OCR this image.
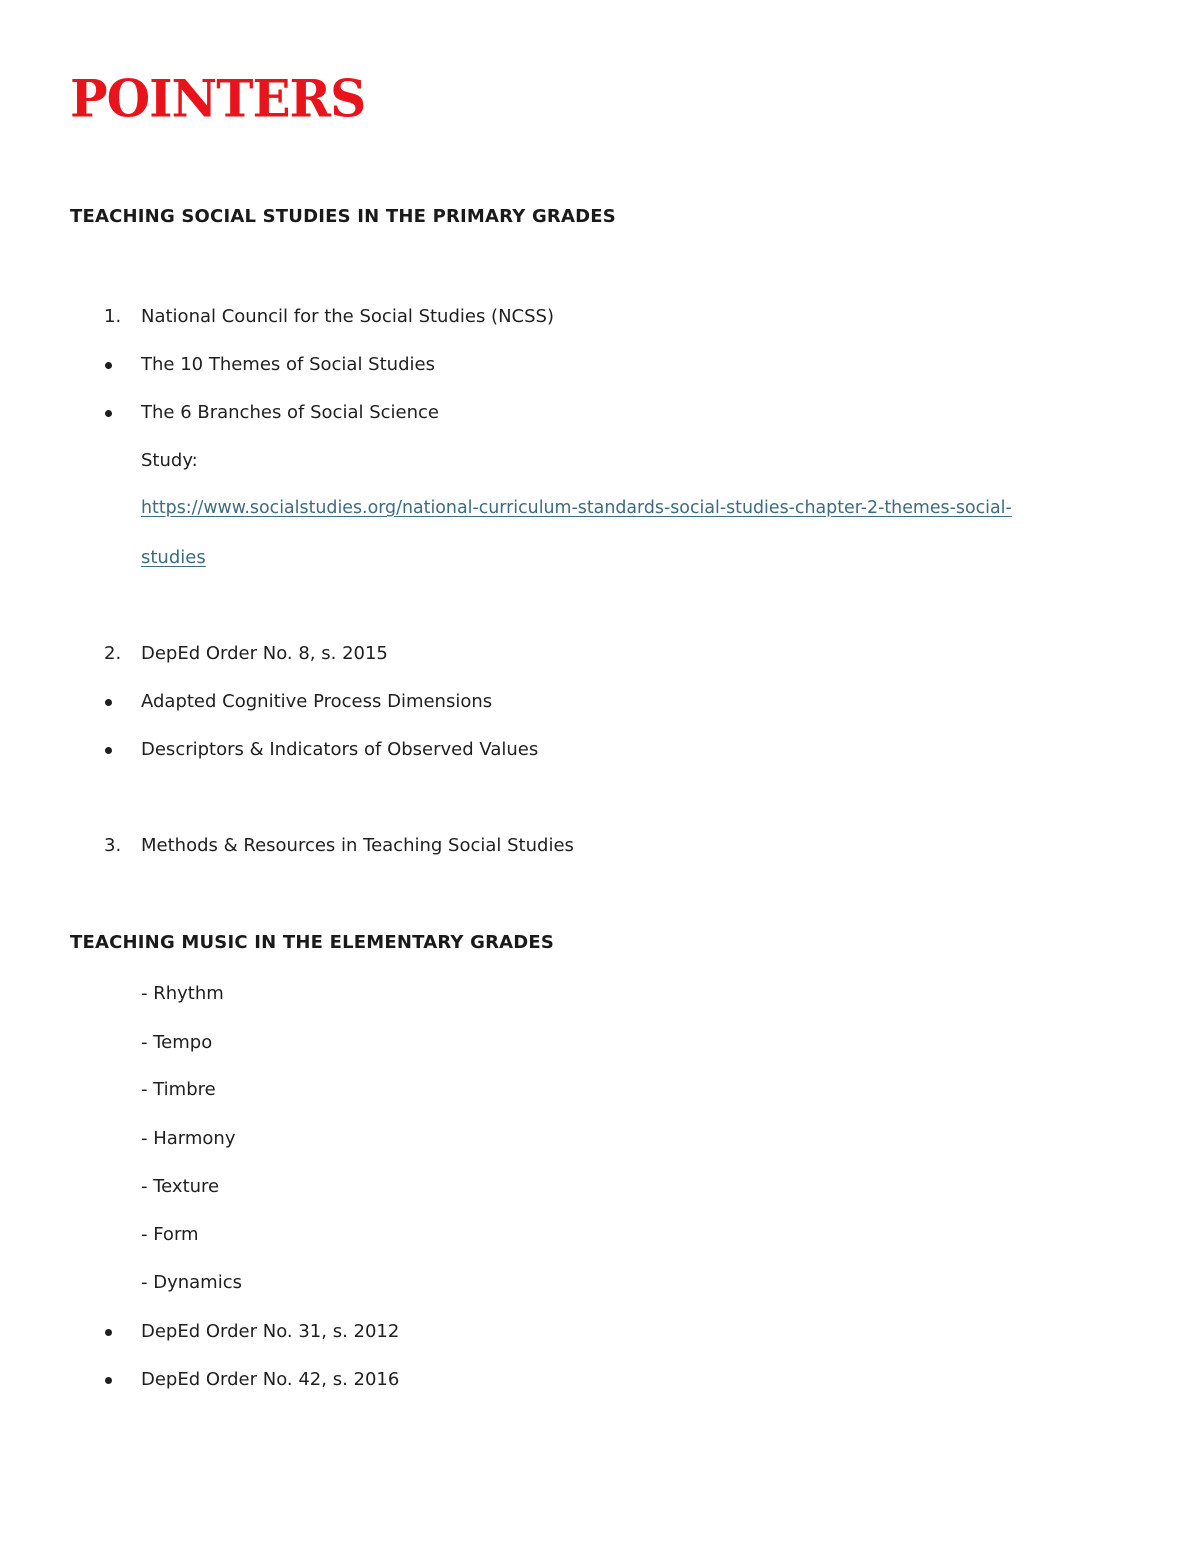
POINTERS
TEACHING SOCIAL STUDIES IN THE PRIMARY GRADES
1. National Council for the Social Studies (NCSS)
The 10 Themes of Social Studies
The 6 Branches of Social Science
Study:
https://www.socialstudies.org/national-curriculum-standards-social-studies-chapter-2-themes-social-
studies
2. DepEd Order No. 8, s. 2015
Adapted Cognitive Process Dimensions
Descriptors & Indicators of Observed Values
3. Methods & Resources in Teaching Social Studies
TEACHING MUSIC IN THE ELEMENTARY GRADES
- Rhythm
- Tempo
- Timbre
- Harmony
- Texture
- Form
- Dynamics
DepEd Order No. 31, s. 2012
DepEd Order No. 42, s. 2016
